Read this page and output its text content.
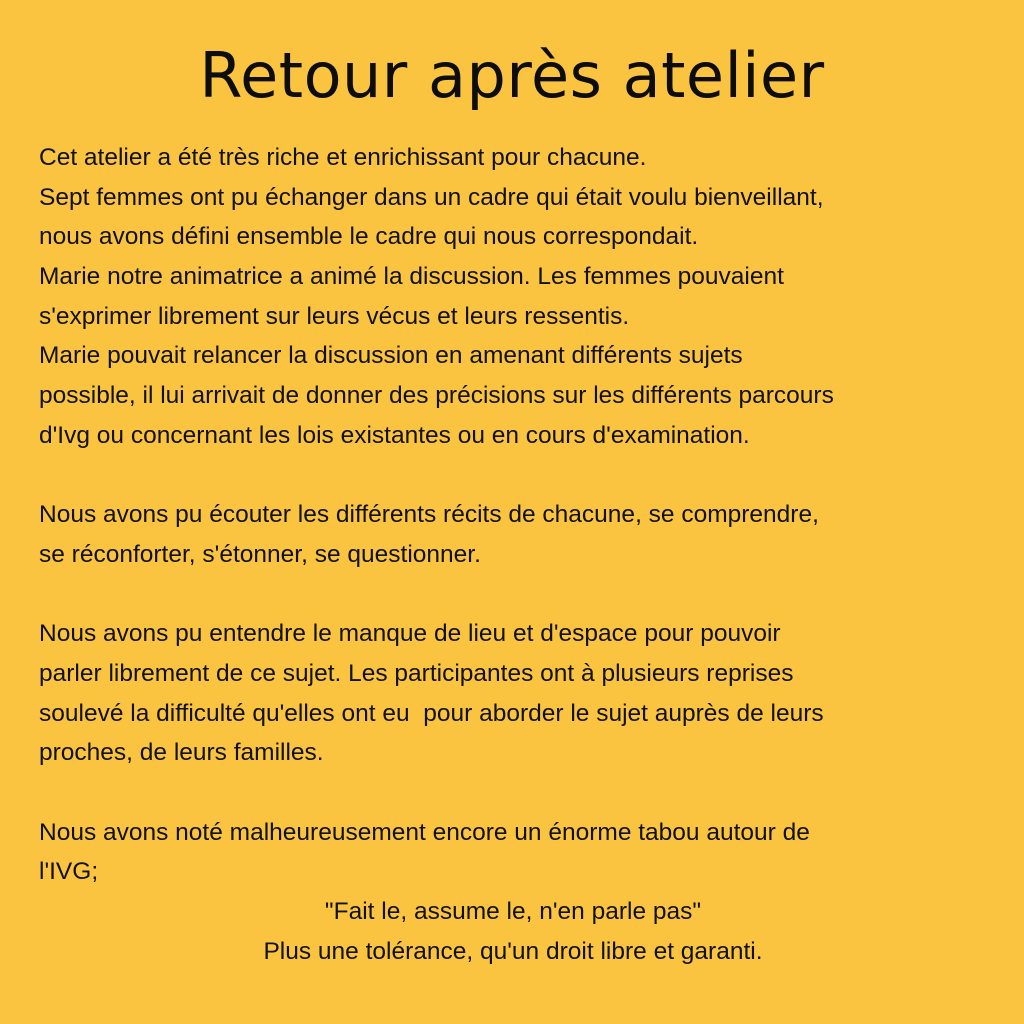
Retour après atelier
Cet atelier a été très riche et enrichissant pour chacune.
Sept femmes ont pu échanger dans un cadre qui était voulu bienveillant,
nous avons défini ensemble le cadre qui nous correspondait.
Marie notre animatrice a animé la discussion. Les femmes pouvaient
s'exprimer librement sur leurs vécus et leurs ressentis.
Marie pouvait relancer la discussion en amenant différents sujets
possible, il lui arrivait de donner des précisions sur les différents parcours
d'Ivg ou concernant les lois existantes ou en cours d'examination.
Nous avons pu écouter les différents récits de chacune, se comprendre,
se réconforter, s'étonner, se questionner.
Nous avons pu entendre le manque de lieu et d'espace pour pouvoir
parler librement de ce sujet. Les participantes ont à plusieurs reprises
soulevé la difficulté qu'elles ont eu  pour aborder le sujet auprès de leurs
proches, de leurs familles.
Nous avons noté malheureusement encore un énorme tabou autour de
l'IVG;
"Fait le, assume le, n'en parle pas"
Plus une tolérance, qu'un droit libre et garanti.
